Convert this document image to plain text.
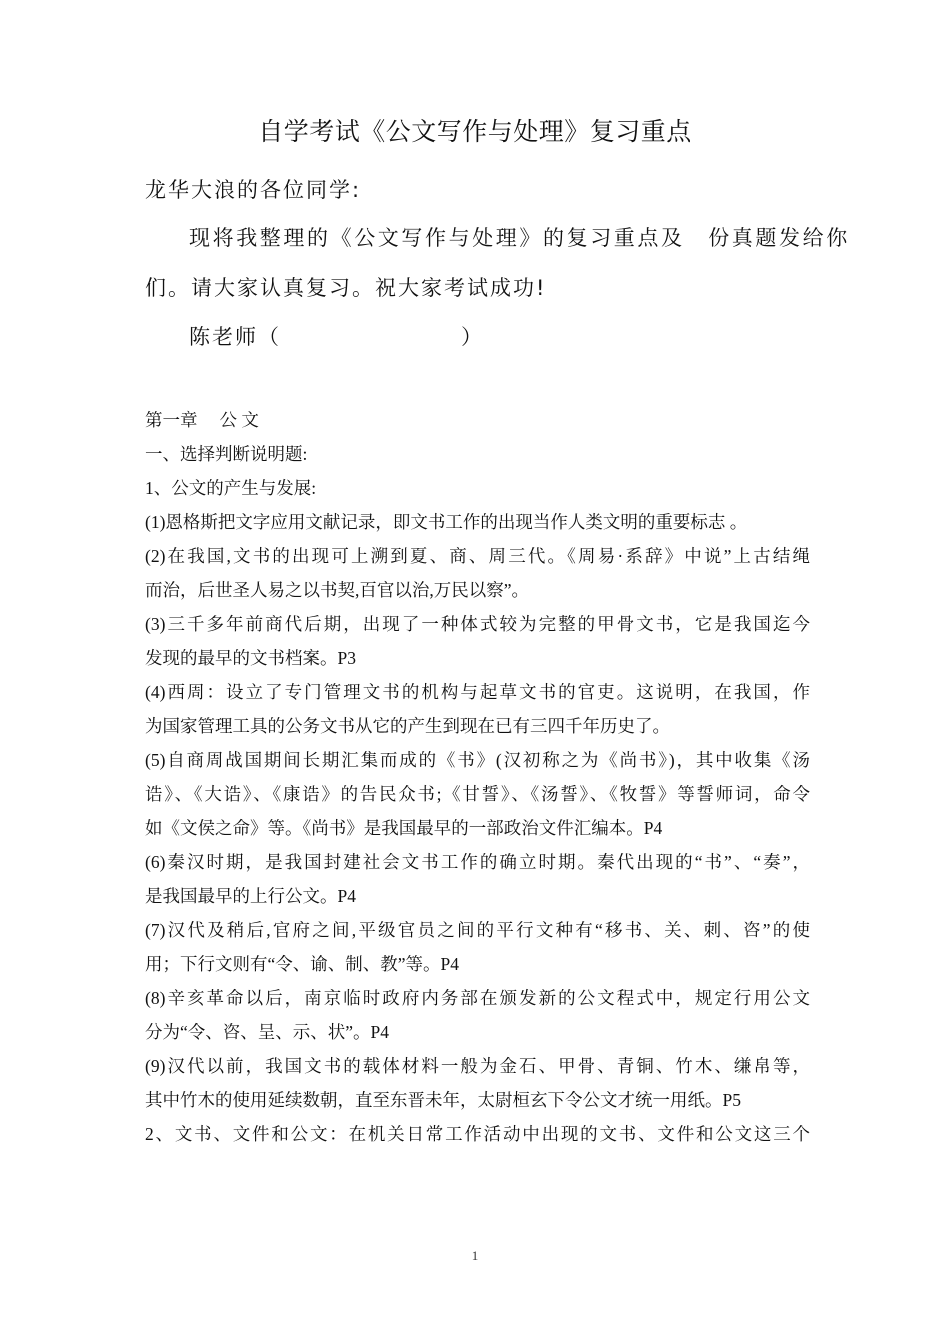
自学考试《公文写作与处理》复习重点
龙华大浪的各位同学:
现将我整理的《公文写作与处理》的复习重点及　份真题发给你
们。请大家认真复习。祝大家考试成功!
陈老师（	）
第一章 公 文
一、选择判断说明题:
1、公文的产生与发展:
(1)恩格斯把文字应用文献记录，即文书工作的出现当作人类文明的重要标志 。
(2)在我国,文书的出现可上溯到夏、商、周三代。《周易·系辞》中说”上古结绳
而治，后世圣人易之以书契,百官以治,万民以察”。
(3)三千多年前商代后期，出现了一种体式较为完整的甲骨文书，它是我国迄今
发现的最早的文书档案。P3
(4)西周：设立了专门管理文书的机构与起草文书的官吏。这说明，在我国，作
为国家管理工具的公务文书从它的产生到现在已有三四千年历史了。
(5)自商周战国期间长期汇集而成的《书》(汉初称之为《尚书》)，其中收集《汤
诰》、《大诰》、《康诰》的告民众书;《甘誓》、《汤誓》、《牧誓》等誓师词，命令
如《文侯之命》等。《尚书》是我国最早的一部政治文件汇编本。P4
(6)秦汉时期，是我国封建社会文书工作的确立时期。秦代出现的“书”、“奏”，
是我国最早的上行公文。P4
(7)汉代及稍后,官府之间,平级官员之间的平行文种有“移书、关、刺、咨”的使
用；下行文则有“令、谕、制、教”等。P4
(8)辛亥革命以后，南京临时政府内务部在颁发新的公文程式中，规定行用公文
分为“令、咨、呈、示、状”。P4
(9)汉代以前，我国文书的载体材料一般为金石、甲骨、青铜、竹木、缣帛等，
其中竹木的使用延续数朝，直至东晋未年，太尉桓玄下令公文才统一用纸。P5
2、文书、文件和公文：在机关日常工作活动中出现的文书、文件和公文这三个
1
